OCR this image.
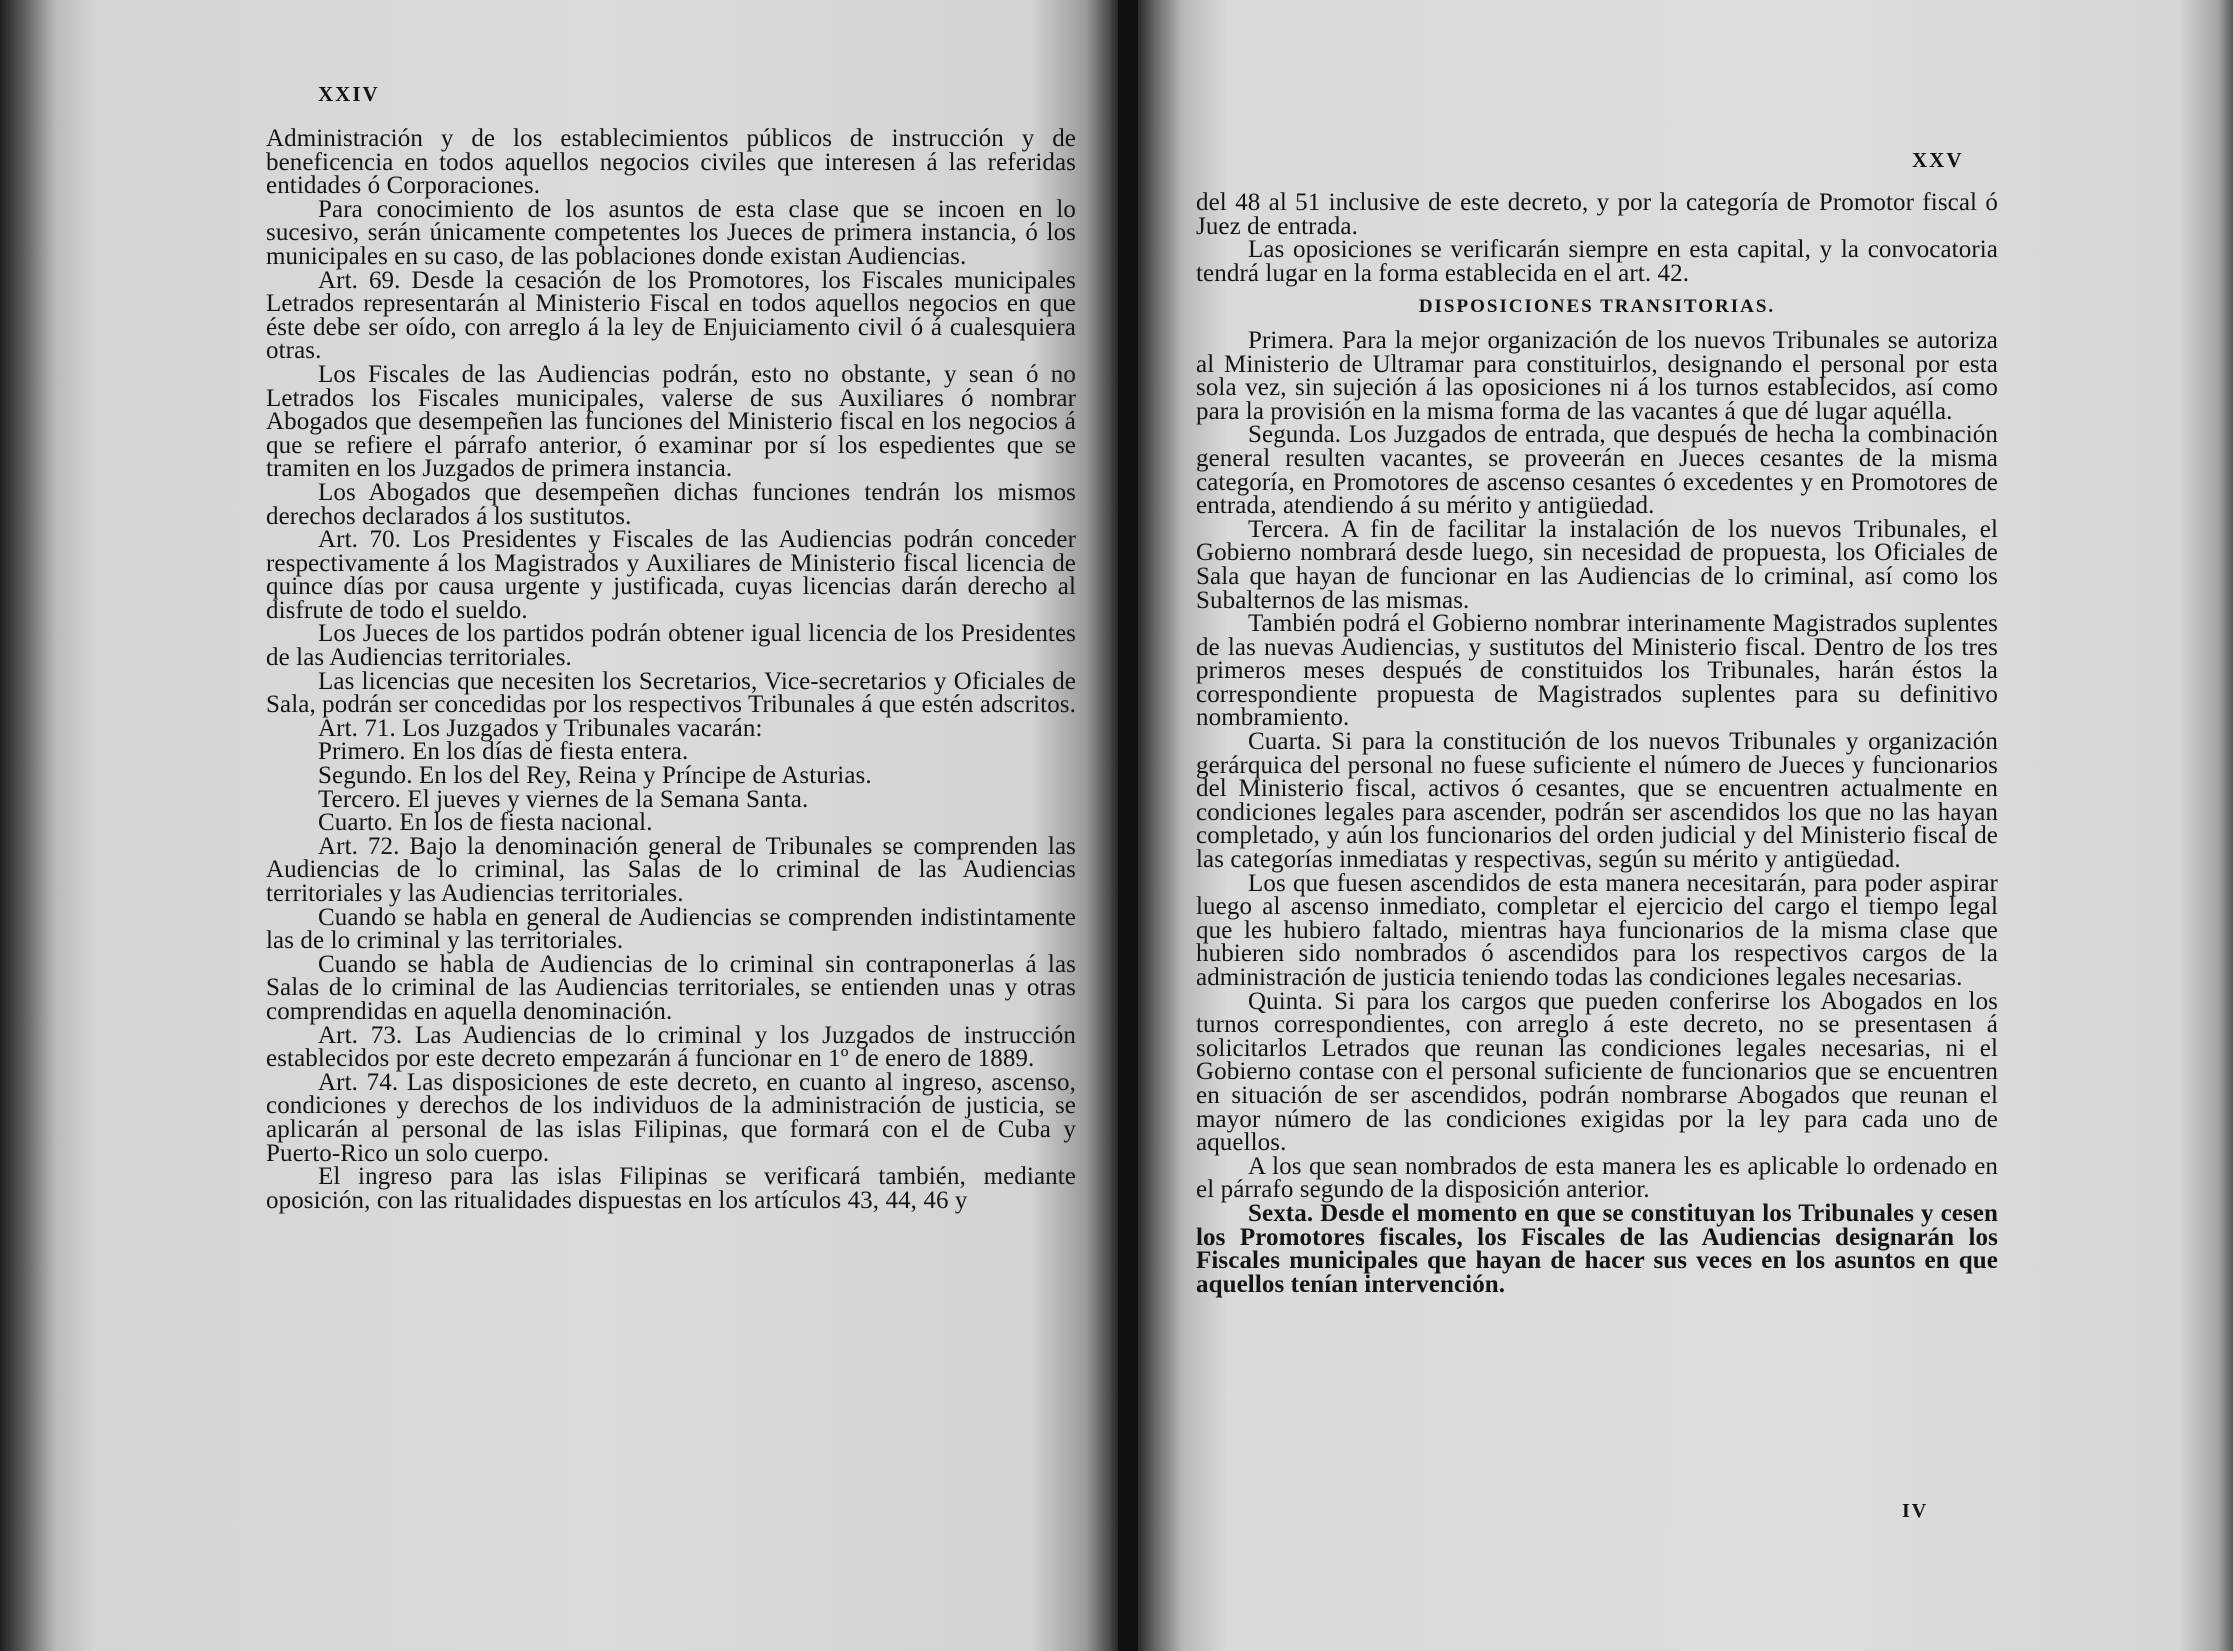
XXIV

Administración y de los establecimientos públicos de instrucción y de beneficencia en todos aquellos negocios civiles que interesen á las referidas entidades ó Corporaciones.

Para conocimiento de los asuntos de esta clase que se incoen en lo sucesivo, serán únicamente competentes los Jueces de primera instancia, ó los municipales en su caso, de las poblaciones donde existan Audiencias.

Art. 69. Desde la cesación de los Promotores, los Fiscales municipales Letrados representarán al Ministerio Fiscal en todos aquellos negocios en que éste debe ser oído, con arreglo á la ley de Enjuiciamento civil ó á cualesquiera otras.

Los Fiscales de las Audiencias podrán, esto no obstante, y sean ó no Letrados los Fiscales municipales, valerse de sus Auxiliares ó nombrar Abogados que desempeñen las funciones del Ministerio fiscal en los negocios á que se refiere el párrafo anterior, ó examinar por sí los espedientes que se tramiten en los Juzgados de primera instancia.

Los Abogados que desempeñen dichas funciones tendrán los mismos derechos declarados á los sustitutos.

Art. 70. Los Presidentes y Fiscales de las Audiencias podrán conceder respectivamente á los Magistrados y Auxiliares de Ministerio fiscal licencia de quince días por causa urgente y justificada, cuyas licencias darán derecho al disfrute de todo el sueldo.

Los Jueces de los partidos podrán obtener igual licencia de los Presidentes de las Audiencias territoriales.

Las licencias que necesiten los Secretarios, Vice-secretarios y Oficiales de Sala, podrán ser concedidas por los respectivos Tribunales á que estén adscritos.

Art. 71. Los Juzgados y Tribunales vacarán:

Primero. En los días de fiesta entera.

Segundo. En los del Rey, Reina y Príncipe de Asturias.

Tercero. El jueves y viernes de la Semana Santa.

Cuarto. En los de fiesta nacional.

Art. 72. Bajo la denominación general de Tribunales se comprenden las Audiencias de lo criminal, las Salas de lo criminal de las Audiencias territoriales y las Audiencias territoriales.

Cuando se habla en general de Audiencias se comprenden indistintamente las de lo criminal y las territoriales.

Cuando se habla de Audiencias de lo criminal sin contraponerlas á las Salas de lo criminal de las Audiencias territoriales, se entienden unas y otras comprendidas en aquella denominación.

Art. 73. Las Audiencias de lo criminal y los Juzgados de instrucción establecidos por este decreto empezarán á funcionar en 1º de enero de 1889.

Art. 74. Las disposiciones de este decreto, en cuanto al ingreso, ascenso, condiciones y derechos de los individuos de la administración de justicia, se aplicarán al personal de las islas Filipinas, que formará con el de Cuba y Puerto-Rico un solo cuerpo.

El ingreso para las islas Filipinas se verificará también, mediante oposición, con las ritualidades dispuestas en los artículos 43, 44, 46 y

XXV

del 48 al 51 inclusive de este decreto, y por la categoría de Promotor fiscal ó Juez de entrada.

Las oposiciones se verificarán siempre en esta capital, y la convocatoria tendrá lugar en la forma establecida en el art. 42.

DISPOSICIONES TRANSITORIAS.

Primera. Para la mejor organización de los nuevos Tribunales se autoriza al Ministerio de Ultramar para constituirlos, designando el personal por esta sola vez, sin sujeción á las oposiciones ni á los turnos establecidos, así como para la provisión en la misma forma de las vacantes á que dé lugar aquélla.

Segunda. Los Juzgados de entrada, que después de hecha la combinación general resulten vacantes, se proveerán en Jueces cesantes de la misma categoría, en Promotores de ascenso cesantes ó excedentes y en Promotores de entrada, atendiendo á su mérito y antigüedad.

Tercera. A fin de facilitar la instalación de los nuevos Tribunales, el Gobierno nombrará desde luego, sin necesidad de propuesta, los Oficiales de Sala que hayan de funcionar en las Audiencias de lo criminal, así como los Subalternos de las mismas.

También podrá el Gobierno nombrar interinamente Magistrados suplentes de las nuevas Audiencias, y sustitutos del Ministerio fiscal. Dentro de los tres primeros meses después de constituidos los Tribunales, harán éstos la correspondiente propuesta de Magistrados suplentes para su definitivo nombramiento.

Cuarta. Si para la constitución de los nuevos Tribunales y organización gerárquica del personal no fuese suficiente el número de Jueces y funcionarios del Ministerio fiscal, activos ó cesantes, que se encuentren actualmente en condiciones legales para ascender, podrán ser ascendidos los que no las hayan completado, y aún los funcionarios del orden judicial y del Ministerio fiscal de las categorías inmediatas y respectivas, según su mérito y antigüedad.

Los que fuesen ascendidos de esta manera necesitarán, para poder aspirar luego al ascenso inmediato, completar el ejercicio del cargo el tiempo legal que les hubiero faltado, mientras haya funcionarios de la misma clase que hubieren sido nombrados ó ascendidos para los respectivos cargos de la administración de justicia teniendo todas las condiciones legales necesarias.

Quinta. Si para los cargos que pueden conferirse los Abogados en los turnos correspondientes, con arreglo á este decreto, no se presentasen á solicitarlos Letrados que reunan las condiciones legales necesarias, ni el Gobierno contase con el personal suficiente de funcionarios que se encuentren en situación de ser ascendidos, podrán nombrarse Abogados que reunan el mayor número de las condiciones exigidas por la ley para cada uno de aquellos.

A los que sean nombrados de esta manera les es aplicable lo ordenado en el párrafo segundo de la disposición anterior.

Sexta. Desde el momento en que se constituyan los Tribunales y cesen los Promotores fiscales, los Fiscales de las Audiencias designarán los Fiscales municipales que hayan de hacer sus veces en los asuntos en que aquellos tenían intervención.

IV
